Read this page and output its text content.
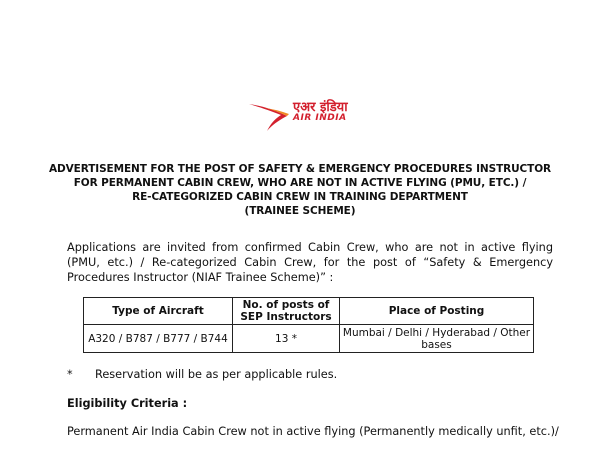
एअर इंडिया
AIR INDIA
ADVERTISEMENT FOR THE POST OF SAFETY & EMERGENCY PROCEDURES INSTRUCTOR
FOR PERMANENT CABIN CREW, WHO ARE NOT IN ACTIVE FLYING (PMU, ETC.) /
RE-CATEGORIZED CABIN CREW IN TRAINING DEPARTMENT
(TRAINEE SCHEME)

Applications are invited from confirmed Cabin Crew, who are not in active flying (PMU, etc.) / Re-categorized Cabin Crew, for the post of “Safety & Emergency Procedures Instructor (NIAF Trainee Scheme)” :

Type of Aircraft	No. of posts of SEP Instructors	Place of Posting
A320 / B787 / B777 / B744	13 *	Mumbai / Delhi / Hyderabad / Other bases
* Reservation will be as per applicable rules.
Eligibility Criteria :
Permanent Air India Cabin Crew not in active flying (Permanently medically unfit, etc.)/
